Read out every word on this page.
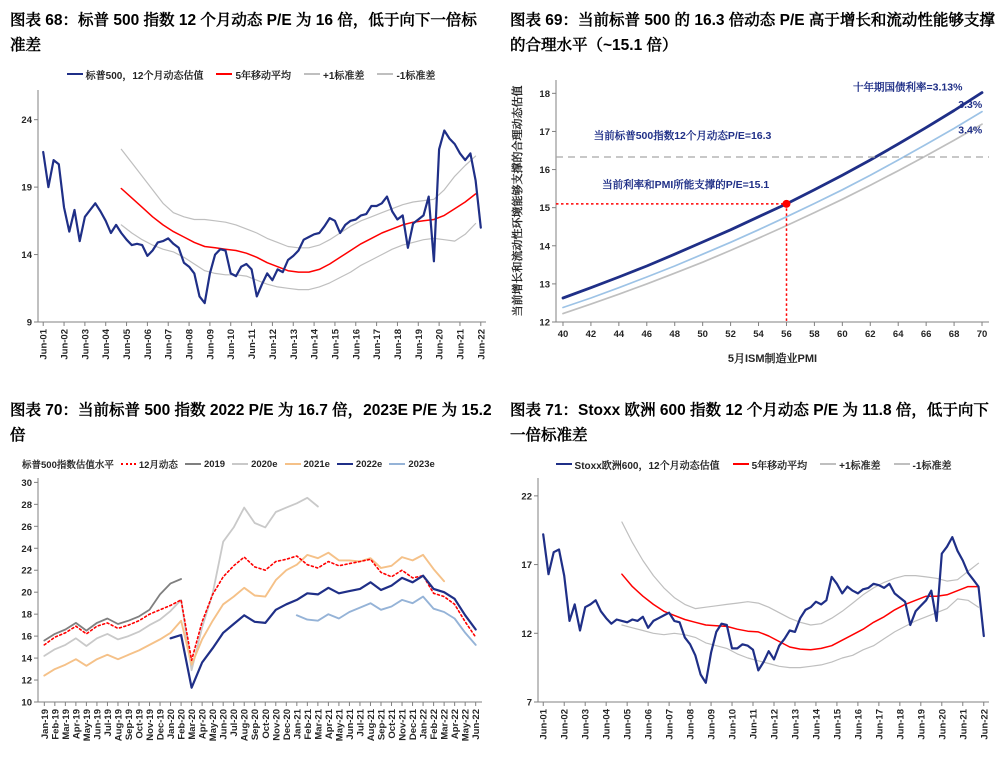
图表 68：标普 500 指数 12 个月动态 P/E 为 16 倍，低于向下一倍标准差
标普500，12个月动态估值	5年移动平均	+1标准差	-1标准差
9
14
19
24
Jun-01 Jun-02 Jun-03 Jun-04 Jun-05 Jun-06 Jun-07 Jun-08 Jun-09 Jun-10 Jun-11 Jun-12 Jun-13 Jun-14 Jun-15 Jun-16 Jun-17 Jun-18 Jun-19 Jun-20 Jun-21 Jun-22
图表 69：当前标普 500 的 16.3 倍动态 P/E 高于增长和流动性能够支撑的合理水平（~15.1 倍）
12
13
14
15
16
17
18
40 42 44 46 48 50 52 54 56 58 60 62 64 66 68 70
当前标普500指数12个月动态P/E=16.3
当前利率和PMI所能支撑的P/E=15.1
十年期国债利率=3.13%
3.3%
3.4%
5月ISM制造业PMI
当前增长和流动性环境能够支撑的合理动态估值
图表 70：当前标普 500 指数 2022 P/E 为 16.7 倍，2023E P/E 为 15.2 倍
标普500指数估值水平	12月动态	2019	2020e	2021e	2022e	2023e
10
12
14
16
18
20
22
24
26
28
30
Jan-19 Feb-19 Mar-19 Apr-19 May-19 Jun-19 Jul-19 Aug-19 Sep-19 Oct-19 Nov-19 Dec-19 Jan-20 Feb-20 Mar-20 Apr-20 May-20 Jun-20 Jul-20 Aug-20 Sep-20 Oct-20 Nov-20 Dec-20 Jan-21 Feb-21 Mar-21 Apr-21 May-21 Jun-21 Jul-21 Aug-21 Sep-21 Oct-21 Nov-21 Dec-21 Jan-22 Feb-22 Mar-22 Apr-22 May-22 Jun-22
图表 71：Stoxx 欧洲 600 指数 12 个月动态 P/E 为 11.8 倍，低于向下一倍标准差
Stoxx欧洲600，12个月动态估值	5年移动平均	+1标准差	-1标准差
7
12
17
22
Jun-01 Jun-02 Jun-03 Jun-04 Jun-05 Jun-06 Jun-07 Jun-08 Jun-09 Jun-10 Jun-11 Jun-12 Jun-13 Jun-14 Jun-15 Jun-16 Jun-17 Jun-18 Jun-19 Jun-20 Jun-21 Jun-22
